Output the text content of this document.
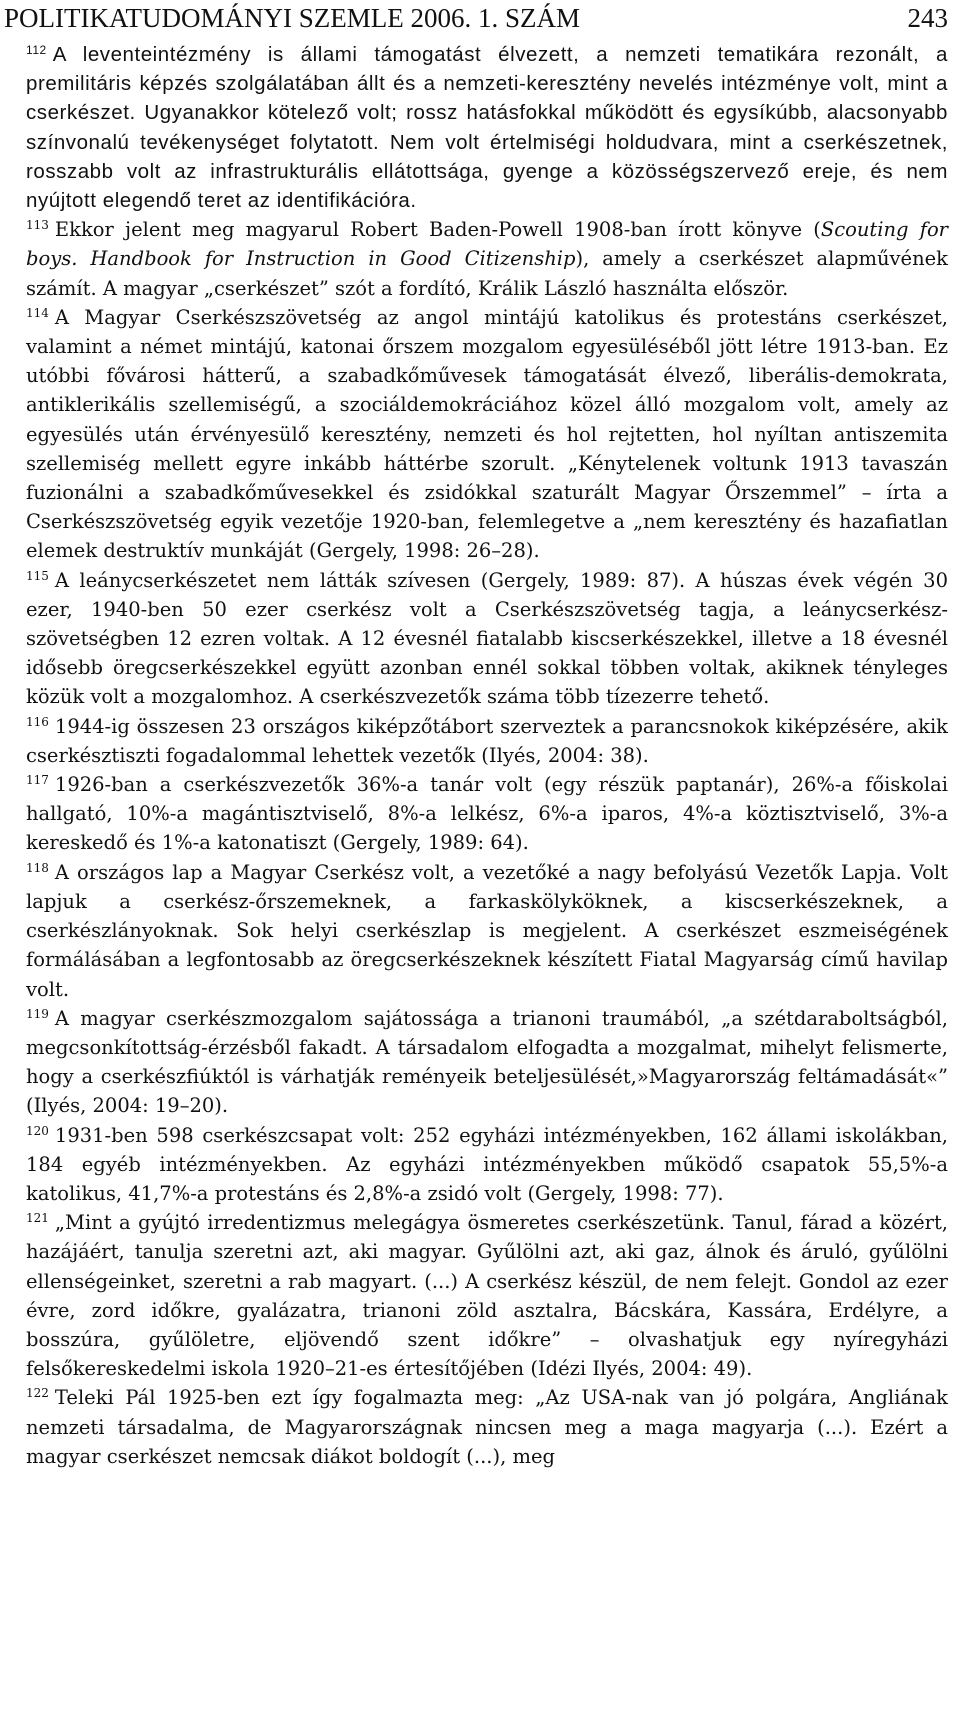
POLITIKATUDOMÁNYI SZEMLE 2006. 1. SZÁM	243

$^{112}$ A leventeintézmény is állami támogatást élvezett, a nemzeti tematikára rezonált, a premilitáris képzés szolgálatában állt és a nemzeti-keresztény nevelés intézménye volt, mint a cserkészet. Ugyanakkor kötelező volt; rossz hatásfokkal működött és egysíkúbb, alacsonyabb színvonalú tevékenységet folytatott. Nem volt értelmiségi holdudvara, mint a cserkészetnek, rosszabb volt az infrastrukturális ellátottsága, gyenge a közösségszervező ereje, és nem nyújtott elegendő teret az identifikációra.

$^{113}$ Ekkor jelent meg magyarul Robert Baden-Powell 1908-ban írott könyve (Scouting for boys. Handbook for Instruction in Good Citizenship), amely a cserkészet alapművének számít. A magyar „cserkészet” szót a fordító, Králik László használta először.

$^{114}$ A Magyar Cserkészszövetség az angol mintájú katolikus és protestáns cserkészet, valamint a német mintájú, katonai őrszem mozgalom egyesüléséből jött létre 1913-ban. Ez utóbbi fővárosi hátterű, a szabadkőművesek támogatását élvező, liberális-demokrata, antiklerikális szellemiségű, a szociáldemokráciához közel álló mozgalom volt, amely az egyesülés után érvényesülő keresztény, nemzeti és hol rejtetten, hol nyíltan antiszemita szellemiség mellett egyre inkább háttérbe szorult. „Kénytelenek voltunk 1913 tavaszán fuzionálni a szabadkőművesekkel és zsidókkal szaturált Magyar Őrszemmel” – írta a Cserkészszövetség egyik vezetője 1920-ban, felemlegetve a „nem keresztény és hazafiatlan elemek destruktív munkáját (Gergely, 1998: 26–28).

$^{115}$ A leánycserkészetet nem látták szívesen (Gergely, 1989: 87). A húszas évek végén 30 ezer, 1940-ben 50 ezer cserkész volt a Cserkészszövetség tagja, a leánycserkész-szövetségben 12 ezren voltak. A 12 évesnél fiatalabb kiscserkészekkel, illetve a 18 évesnél idősebb öregcserkészekkel együtt azonban ennél sokkal többen voltak, akiknek tényleges közük volt a mozgalomhoz. A cserkészvezetők száma több tízezerre tehető.

$^{116}$ 1944-ig összesen 23 országos kiképzőtábort szerveztek a parancsnokok kiképzésére, akik cserkésztiszti fogadalommal lehettek vezetők (Ilyés, 2004: 38).

$^{117}$ 1926-ban a cserkészvezetők 36%-a tanár volt (egy részük paptanár), 26%-a főiskolai hallgató, 10%-a magántisztviselő, 8%-a lelkész, 6%-a iparos, 4%-a köztisztviselő, 3%-a kereskedő és 1%-a katonatiszt (Gergely, 1989: 64).

$^{118}$ A országos lap a Magyar Cserkész volt, a vezetőké a nagy befolyású Vezetők Lapja. Volt lapjuk a cserkész-őrszemeknek, a farkaskölyköknek, a kiscserkészeknek, a cserkészlányoknak. Sok helyi cserkészlap is megjelent. A cserkészet eszmeiségének formálásában a legfontosabb az öregcserkészeknek készített Fiatal Magyarság című havilap volt.

$^{119}$ A magyar cserkészmozgalom sajátossága a trianoni traumából, „a szétdaraboltságból, megcsonkítottság-érzésből fakadt. A társadalom elfogadta a mozgalmat, mihelyt felismerte, hogy a cserkészfiúktól is várhatják reményeik beteljesülését,»Magyarország feltámadását«” (Ilyés, 2004: 19–20).

$^{120}$ 1931-ben 598 cserkészcsapat volt: 252 egyházi intézményekben, 162 állami iskolákban, 184 egyéb intézményekben. Az egyházi intézményekben működő csapatok 55,5%-a katolikus, 41,7%-a protestáns és 2,8%-a zsidó volt (Gergely, 1998: 77).

$^{121}$ „Mint a gyújtó irredentizmus melegágya ösmeretes cserkészetünk. Tanul, fárad a közért, hazájáért, tanulja szeretni azt, aki magyar. Gyűlölni azt, aki gaz, álnok és áruló, gyűlölni ellenségeinket, szeretni a rab magyart. (...) A cserkész készül, de nem felejt. Gondol az ezer évre, zord időkre, gyalázatra, trianoni zöld asztalra, Bácskára, Kassára, Erdélyre, a bosszúra, gyűlöletre, eljövendő szent időkre” – olvashatjuk egy nyíregyházi felsőkereskedelmi iskola 1920–21-es értesítőjében (Idézi Ilyés, 2004: 49).

$^{122}$ Teleki Pál 1925-ben ezt így fogalmazta meg: „Az USA-nak van jó polgára, Angliának nemzeti társadalma, de Magyarországnak nincsen meg a maga magyarja (...). Ezért a magyar cserkészet nemcsak diákot boldogít (...), meg
